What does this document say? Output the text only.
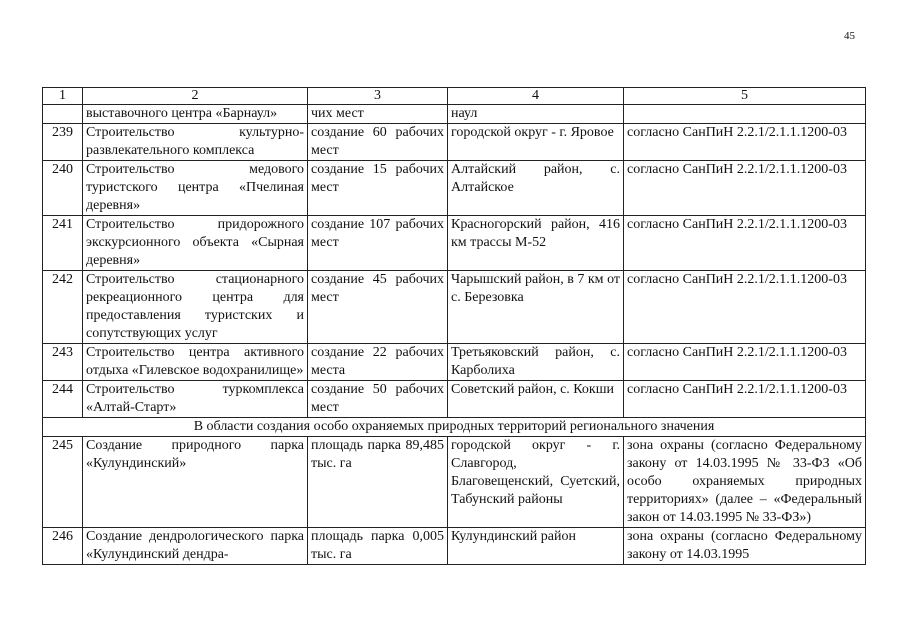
45
1	2	3	4	5
	выставочного центра «Барнаул»	чих мест	наул	
239	Строительство культурно-развлекательного комплекса	создание 60 рабочих мест	городской округ - г. Яровое	согласно СанПиН 2.2.1/2.1.1.1200-03
240	Строительство медового туристского центра «Пчелиная деревня»	создание 15 рабочих мест	Алтайский район, с. Алтайское	согласно СанПиН 2.2.1/2.1.1.1200-03
241	Строительство придорожного экскурсионного объекта «Сырная деревня»	создание 107 рабочих мест	Красногорский район, 416 км трассы М-52	согласно СанПиН 2.2.1/2.1.1.1200-03
242	Строительство стационарного рекреационного центра для предоставления туристских и сопутствующих услуг	создание 45 рабочих мест	Чарышский район, в 7 км от с. Березовка	согласно СанПиН 2.2.1/2.1.1.1200-03
243	Строительство центра активного отдыха «Гилевское водохранилище»	создание 22 рабочих места	Третьяковский район, с. Карболиха	согласно СанПиН 2.2.1/2.1.1.1200-03
244	Строительство туркомплекса «Алтай-Старт»	создание 50 рабочих мест	Советский район, с. Кокши	согласно СанПиН 2.2.1/2.1.1.1200-03
В области создания особо охраняемых природных территорий регионального значения				
245	Создание природного парка «Кулундинский»	площадь парка 89,485 тыс. га	городской округ - г. Славгород, Благовещенский, Суетский, Табунский районы	зона охраны (согласно Федеральному закону от 14.03.1995 № 33-ФЗ «Об особо охраняемых природных территориях» (далее – «Федеральный закон от 14.03.1995 № 33-ФЗ»)
246	Создание дендрологического парка «Кулундинский дендра-	площадь парка 0,005 тыс. га	Кулундинский район	зона охраны (согласно Федеральному закону от 14.03.1995
